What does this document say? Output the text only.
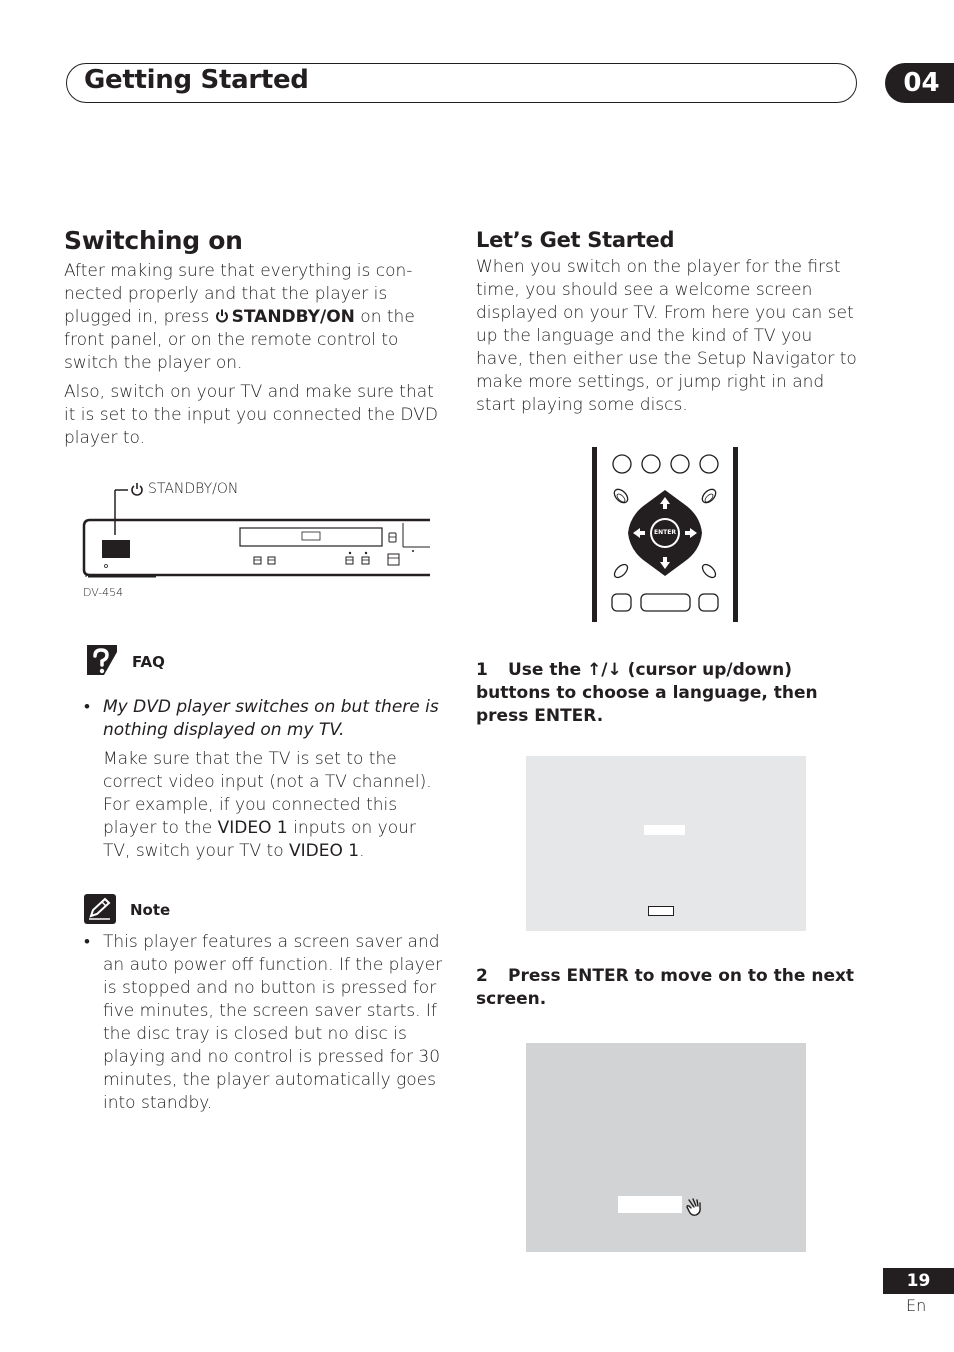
Getting Started	04
Switching on
After making sure that everything is con-nected properly and that the player is plugged in, press STANDBY/ON on the front panel, or on the remote control to switch the player on.
Also, switch on your TV and make sure that it is set to the input you connected the DVD player to.
STANDBY/ON
DV-454
FAQ
• My DVD player switches on but there is nothing displayed on my TV.
Make sure that the TV is set to the correct video input (not a TV channel). For example, if you connected this player to the VIDEO 1 inputs on your TV, switch your TV to VIDEO 1.
Note
• This player features a screen saver and an auto power off function. If the player is stopped and no button is pressed for five minutes, the screen saver starts. If the disc tray is closed but no disc is playing and no control is pressed for 30 minutes, the player automatically goes into standby.
Let’s Get Started
When you switch on the player for the first time, you should see a welcome screen displayed on your TV. From here you can set up the language and the kind of TV you have, then either use the Setup Navigator to make more settings, or jump right in and start playing some discs.
ENTER
1 Use the ↑/↓ (cursor up/down) buttons to choose a language, then press ENTER.
2 Press ENTER to move on to the next screen.
19
En
